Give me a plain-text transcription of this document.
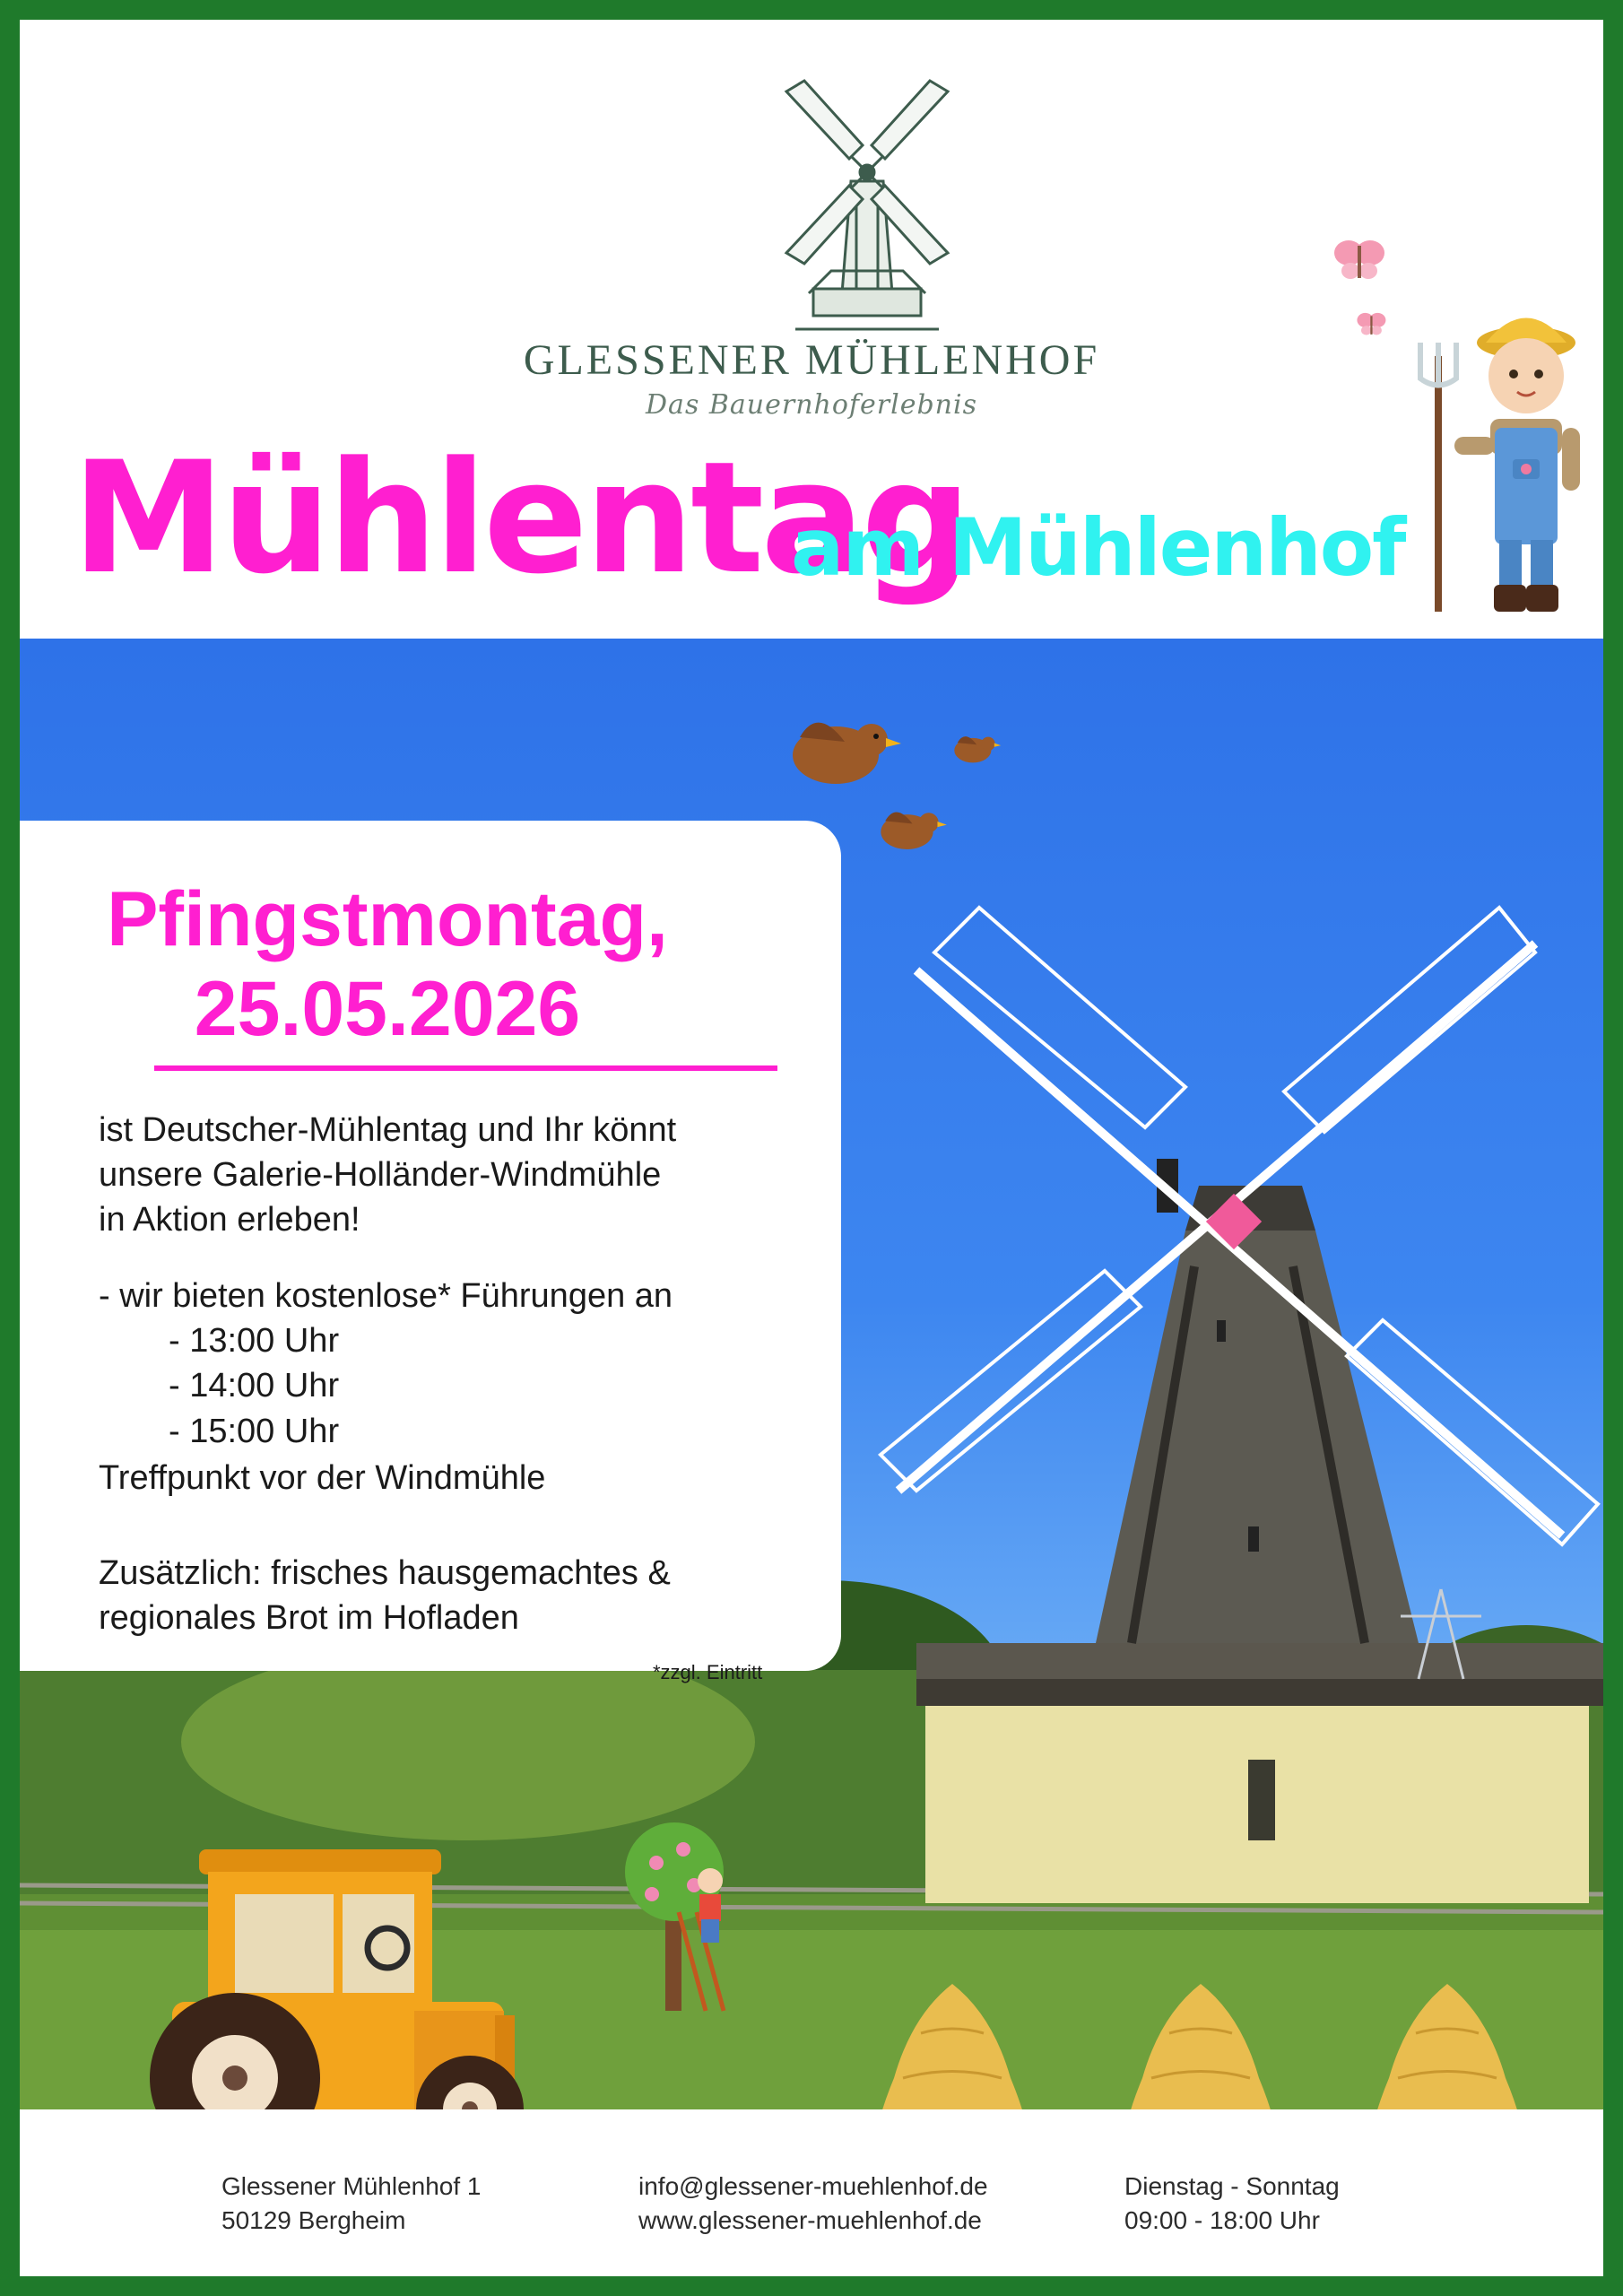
GLESSENER MÜHLENHOF
Das Bauernhoferlebnis
Mühlentag
am Mühlenhof
Pfingstmontag,
25.05.2026
ist Deutscher-Mühlentag und Ihr könnt
unsere Galerie-Holländer-Windmühle
in Aktion erleben!
- wir bieten kostenlose* Führungen an
- 13:00 Uhr
- 14:00 Uhr
- 15:00 Uhr
Treffpunkt vor der Windmühle
Zusätzlich: frisches hausgemachtes &
regionales Brot im Hofladen
*zzgl. Eintritt
Glessener Mühlenhof 1
50129 Bergheim
info@glessener-muehlenhof.de
www.glessener-muehlenhof.de
Dienstag - Sonntag
09:00 - 18:00 Uhr
